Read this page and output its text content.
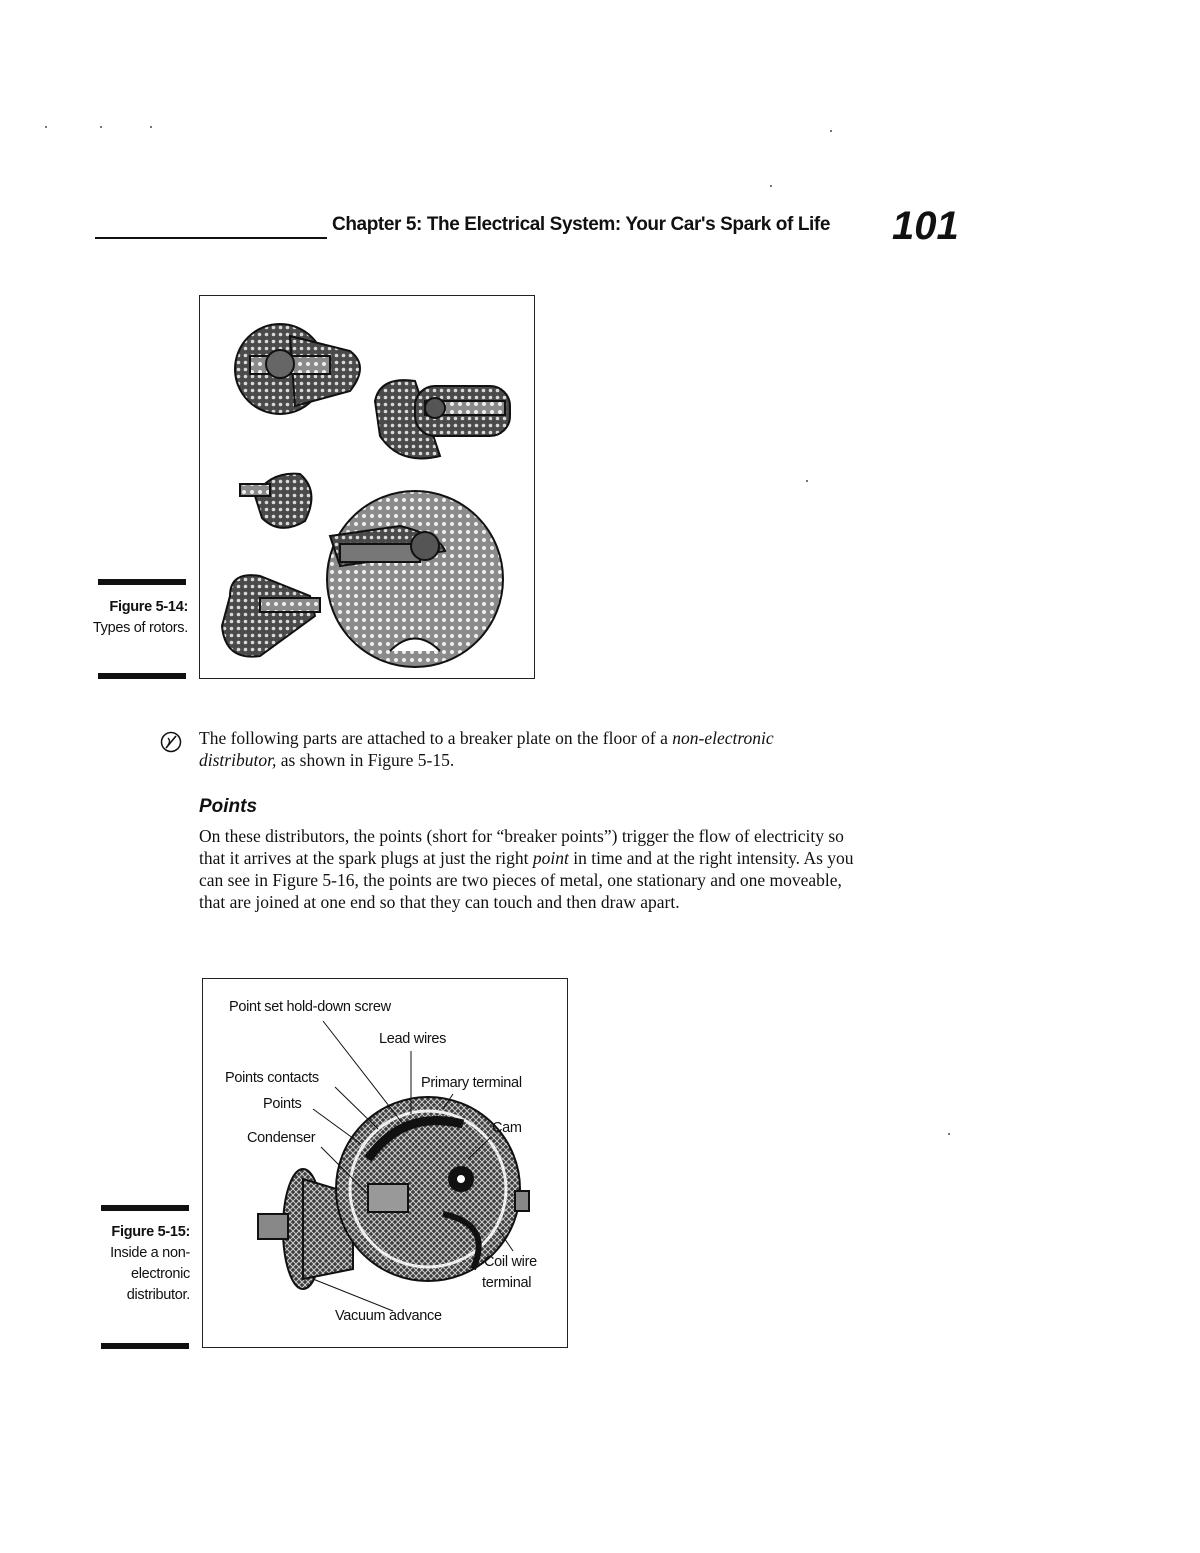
Chapter 5: The Electrical System: Your Car's Spark of Life 101
Figure 5-14:
Types of rotors.
The following parts are attached to a breaker plate on the floor of a non-electronic distributor, as shown in Figure 5-15.
Points
On these distributors, the points (short for “breaker points”) trigger the flow of electricity so that it arrives at the spark plugs at just the right point in time and at the right intensity. As you can see in Figure 5-16, the points are two pieces of metal, one stationary and one moveable, that are joined at one end so that they can touch and then draw apart.
Point set hold-down screw
Lead wires
Points contacts	Primary terminal
Points
Cam
Condenser
Coil wire
terminal
Vacuum advance
Figure 5-15:
Inside a non-electronic distributor.
